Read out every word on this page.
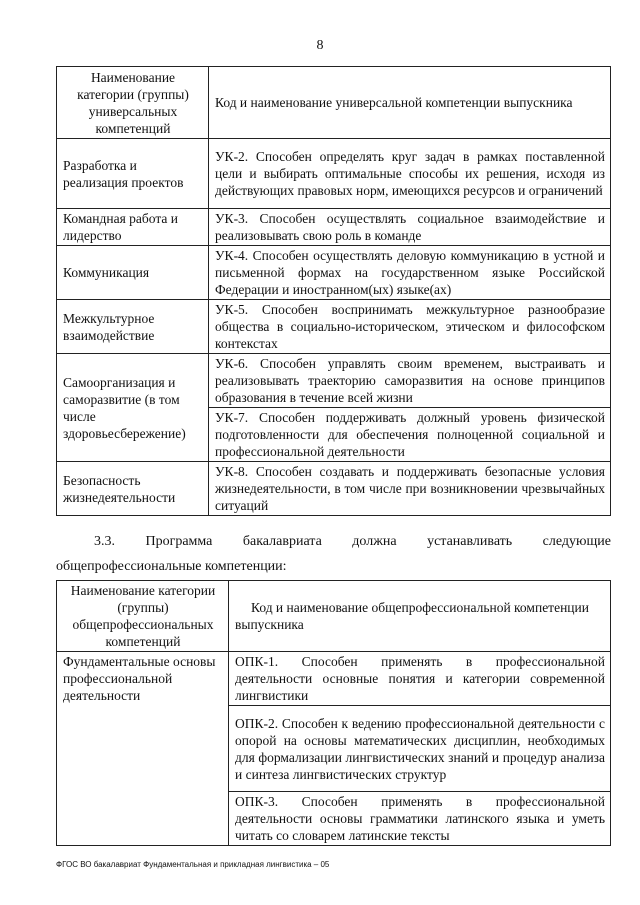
8
Наименование категории (группы) универсальных компетенций	Код и наименование универсальной компетенции выпускника
Разработка и реализация проектов	УК-2. Способен определять круг задач в рамках поставленной цели и выбирать оптимальные способы их решения, исходя из действующих правовых норм, имеющихся ресурсов и ограничений
Командная работа и лидерство	УК-3. Способен осуществлять социальное взаимодействие и реализовывать свою роль в команде
Коммуникация	УК-4. Способен осуществлять деловую коммуникацию в устной и письменной формах на государственном языке Российской Федерации и иностранном(ых) языке(ах)
Межкультурное взаимодействие	УК-5. Способен воспринимать межкультурное разнообразие общества в социально-историческом, этическом и философском контекстах
Самоорганизация и саморазвитие (в том числе здоровьесбережение)	УК-6. Способен управлять своим временем, выстраивать и реализовывать траекторию саморазвития на основе принципов образования в течение всей жизни
	УК-7. Способен поддерживать должный уровень физической подготовленности для обеспечения полноценной социальной и профессиональной деятельности
Безопасность жизнедеятельности	УК-8. Способен создавать и поддерживать безопасные условия жизнедеятельности, в том числе при возникновении чрезвычайных ситуаций
3.3. Программа бакалавриата должна устанавливать следующие
общепрофессиональные компетенции:
Наименование категории (группы) общепрофессиональных компетенций	Код и наименование общепрофессиональной компетенции выпускника
Фундаментальные основы профессиональной деятельности	ОПК-1. Способен применять в профессиональной деятельности основные понятия и категории современной лингвистики
	ОПК-2. Способен к ведению профессиональной деятельности с опорой на основы математических дисциплин, необходимых для формализации лингвистических знаний и процедур анализа и синтеза лингвистических структур
	ОПК-3. Способен применять в профессиональной деятельности основы грамматики латинского языка и уметь читать со словарем латинские тексты
ФГОС ВО бакалавриат Фундаментальная и прикладная лингвистика – 05
